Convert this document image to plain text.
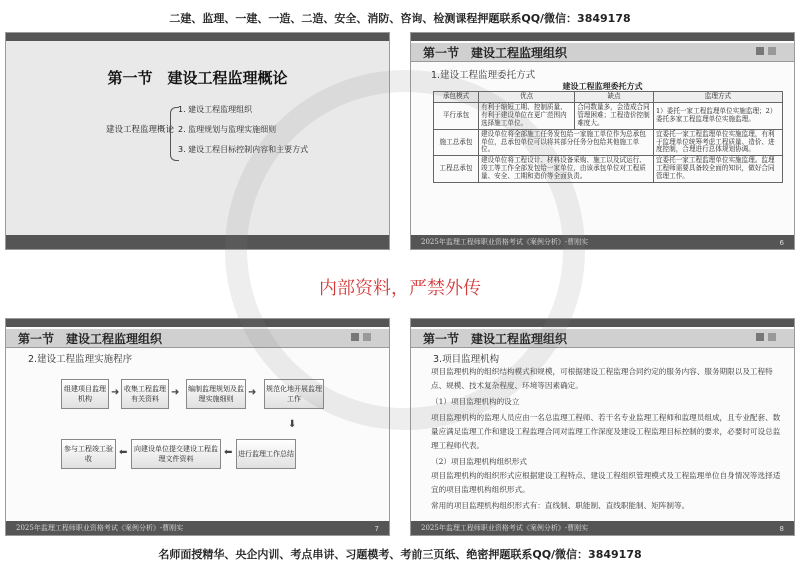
二建、监理、一建、一造、二造、安全、消防、咨询、检测课程押题联系QQ/微信：3849178
第一节　建设工程监理概论
建设工程监理概论
1. 建设工程监理组织
2. 监理规划与监理实施细则
3. 建设工程目标控制内容和主要方式
第一节　建设工程监理组织
1.建设工程监理委托方式
建设工程监理委托方式
承包模式	优点	缺点	监理方式
平行承包	有利于缩短工期、控制质量、有利于建设单位在更广范围内选择施工单位。	合同数量多，会造成合同管理困难；工程造价控制难度大。	1）委托一家工程监理单位实施监理；2）委托多家工程监理单位实施监理。
施工总承包	建设单位将全部施工任务发包给一家施工单位作为总承包单位，总承包单位可以将其部分任务分包给其他施工单位。		宜委托一家工程监理单位实施监理，有利于监理单位统筹考虑工程质量、造价、进度控制，合理进行总体规划协调。
工程总承包	建设单位将工程设计、材料设备采购、施工以及试运行、竣工等工作全部发包给一家单位，由该承包单位对工程质量、安全、工期和造价等全面负责。		宜委托一家工程监理单位实施监理。监理工程师需要具备较全面的知识，做好合同管理工作。
2025年监理工程师职业资格考试《案例分析》-曹刚实	6
内部资料，严禁外传
第一节　建设工程监理组织
2.建设工程监理实施程序
组建项目监理机构
➜ 收集工程监理有关资料
➜ 编制监理规划及监理实施细则
➜ 规范化地开展监理工作
⬇
参与工程竣工验收
⬅ 向建设单位提交建设工程监理文件资料
⬅ 进行监理工作总结
2025年监理工程师职业资格考试《案例分析》-曹刚实	7
第一节　建设工程监理组织
3.项目监理机构
项目监理机构的组织结构模式和规模，可根据建设工程监理合同约定的服务内容、服务期限以及工程特点、规模、技术复杂程度、环境等因素确定。
（1）项目监理机构的设立
项目监理机构的监理人员应由一名总监理工程师、若干名专业监理工程师和监理员组成，且专业配套、数量应满足监理工作和建设工程监理合同对监理工作深度及建设工程监理目标控制的要求，必要时可设总监理工程师代表。
（2）项目监理机构组织形式
项目监理机构的组织形式应根据建设工程特点、建设工程组织管理模式及工程监理单位自身情况等选择适宜的项目监理机构组织形式。
常用的项目监理机构组织形式有：直线制、职能制、直线职能制、矩阵制等。
2025年监理工程师职业资格考试《案例分析》-曹刚实	8
名师面授精华、央企内训、考点串讲、习题模考、考前三页纸、绝密押题联系QQ/微信：3849178
